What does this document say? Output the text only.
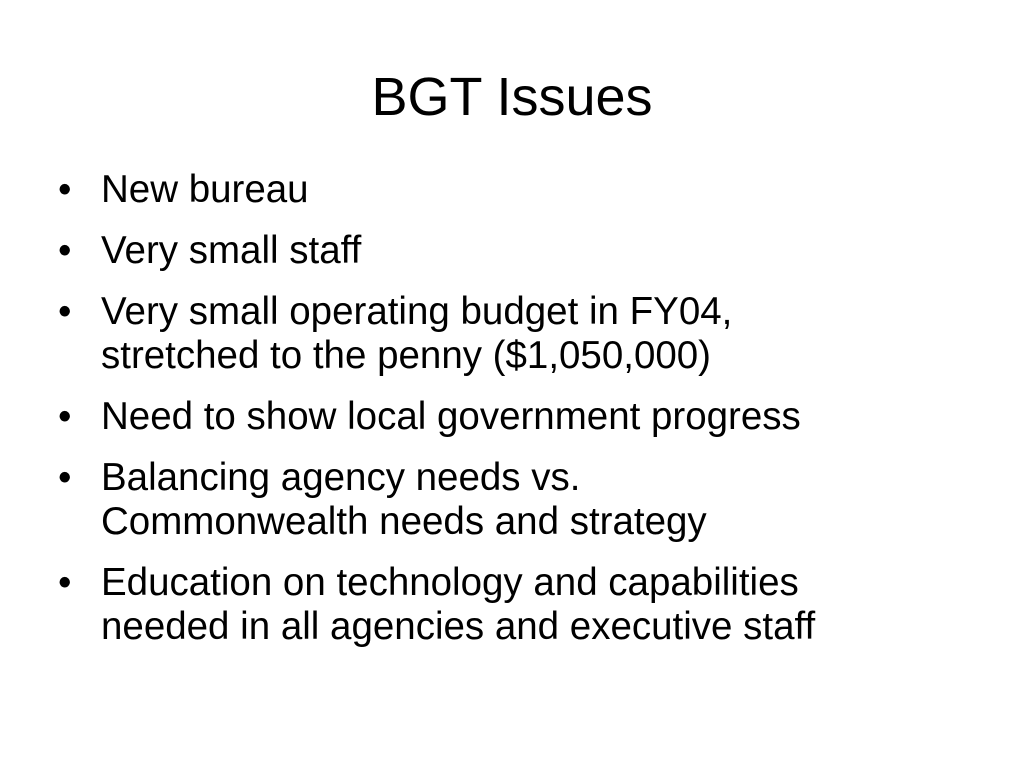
BGT Issues
• New bureau
• Very small staff
• Very small operating budget in FY04,
stretched to the penny ($1,050,000)
• Need to show local government progress
• Balancing agency needs vs.
Commonwealth needs and strategy
• Education on technology and capabilities
needed in all agencies and executive staff
